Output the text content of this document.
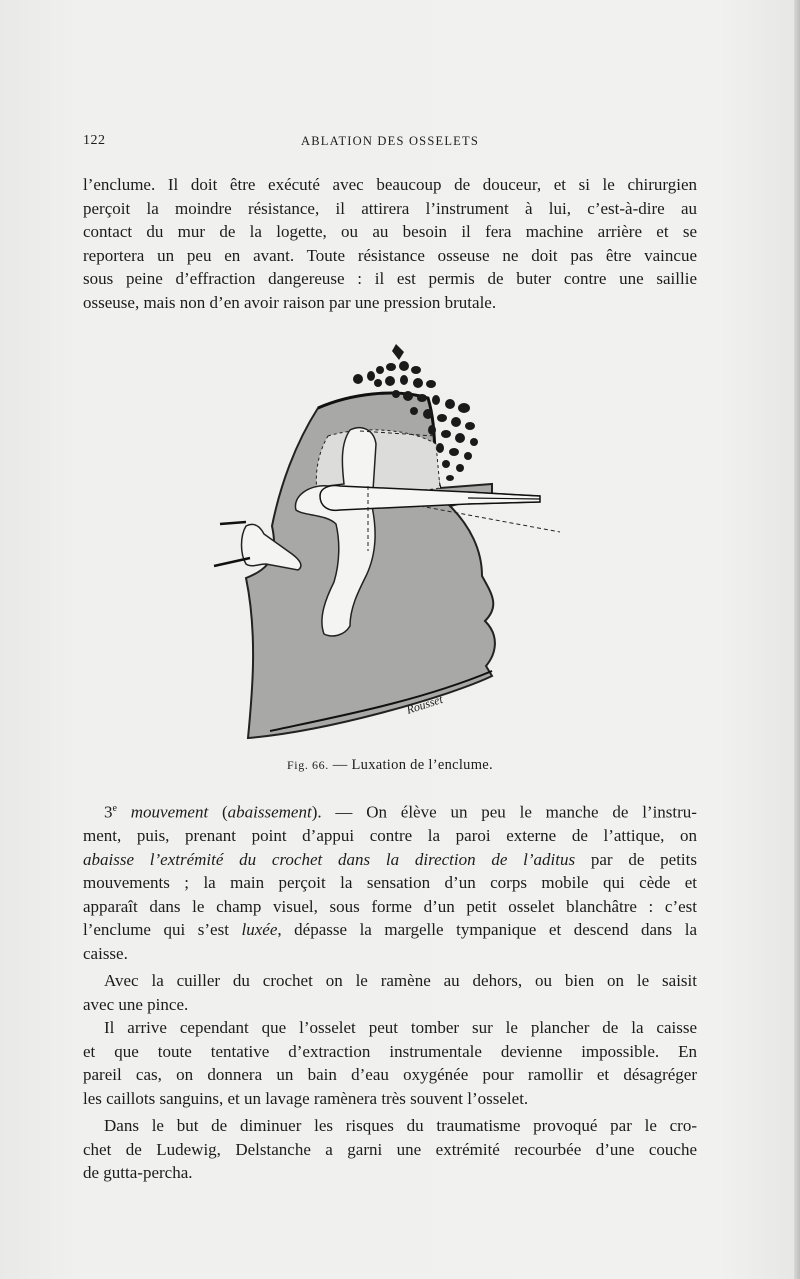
122	ABLATION DES OSSELETS

l’enclume. Il doit être exécuté avec beaucoup de douceur, et si le chirurgien
perçoit la moindre résistance, il attirera l’instrument à lui, c’est-à-dire au
contact du mur de la logette, ou au besoin il fera machine arrière et se
reportera un peu en avant. Toute résistance osseuse ne doit pas être vaincue
sous peine d’effraction dangereuse : il est permis de buter contre une saillie
osseuse, mais non d’en avoir raison par une pression brutale.

Rousset
Fig. 66. — Luxation de l’enclume.

3e mouvement (abaissement). — On élève un peu le manche de l’instru-
ment, puis, prenant point d’appui contre la paroi externe de l’attique, on
abaisse l’extrémité du crochet dans la direction de l’aditus par de petits
mouvements ; la main perçoit la sensation d’un corps mobile qui cède et
apparaît dans le champ visuel, sous forme d’un petit osselet blanchâtre : c’est
l’enclume qui s’est luxée, dépasse la margelle tympanique et descend dans la
caisse.

Avec la cuiller du crochet on le ramène au dehors, ou bien on le saisit
avec une pince.

Il arrive cependant que l’osselet peut tomber sur le plancher de la caisse
et que toute tentative d’extraction instrumentale devienne impossible. En
pareil cas, on donnera un bain d’eau oxygénée pour ramollir et désagréger
les caillots sanguins, et un lavage ramènera très souvent l’osselet.

Dans le but de diminuer les risques du traumatisme provoqué par le cro-
chet de Ludewig, Delstanche a garni une extrémité recourbée d’une couche
de gutta-percha.
